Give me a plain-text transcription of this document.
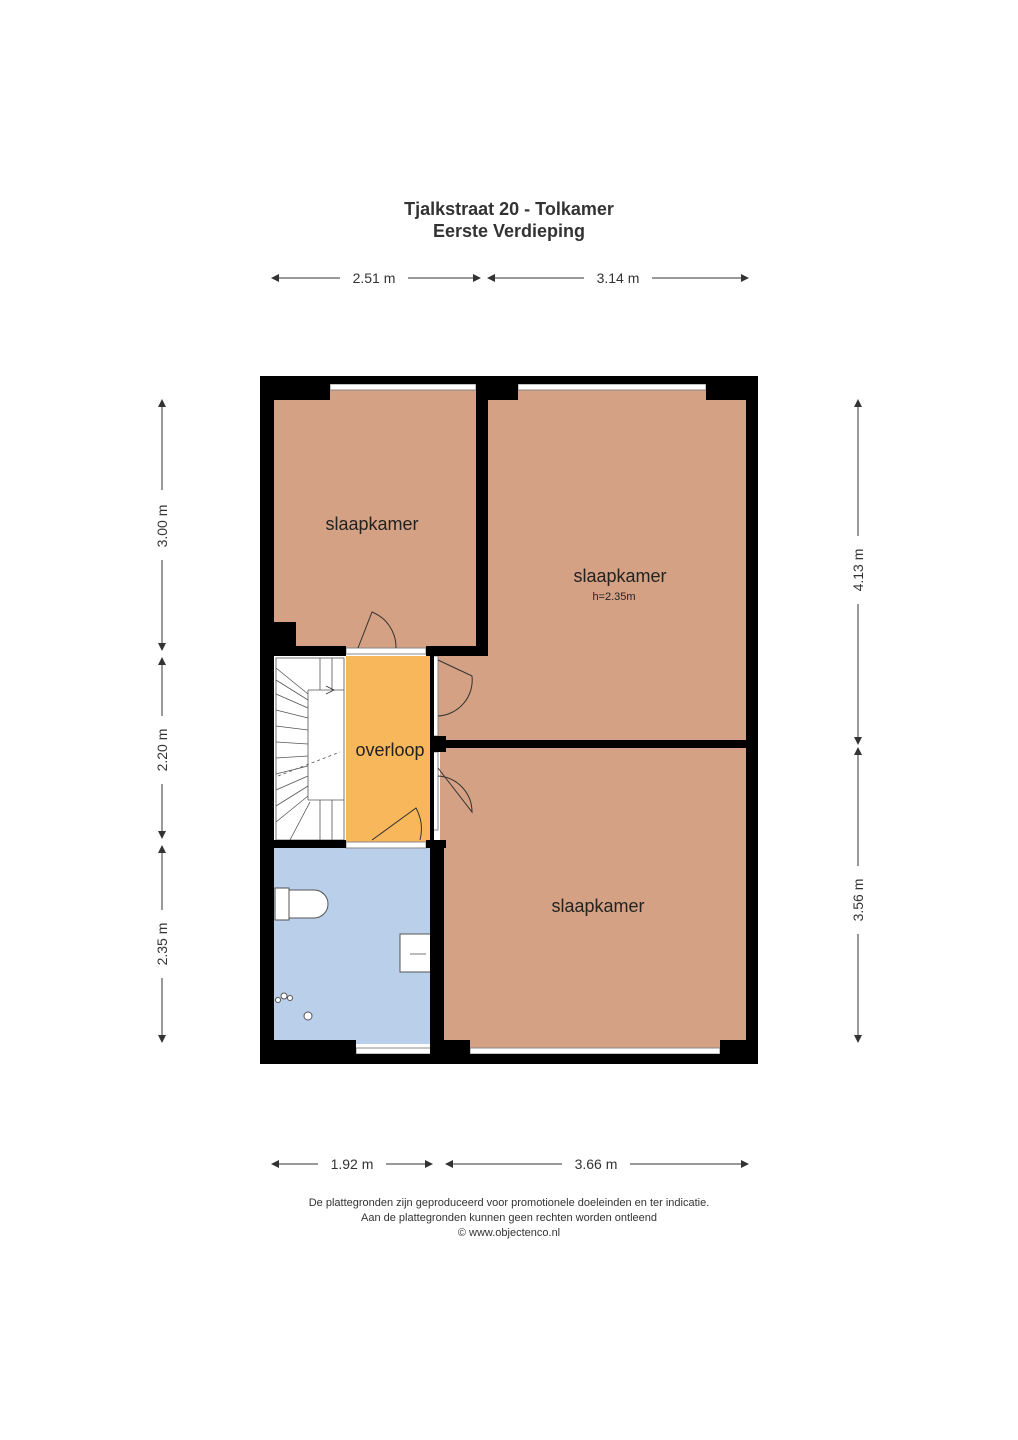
Tjalkstraat 20 - Tolkamer
Eerste Verdieping
slaapkamer
slaapkamer
h=2.35m
overloop
slaapkamer
2.51 m	3.14 m
1.92 m	3.66 m
3.00 m
2.20 m
2.35 m
4.13 m
3.56 m
De plattegronden zijn geproduceerd voor promotionele doeleinden en ter indicatie.
Aan de plattegronden kunnen geen rechten worden ontleend
© www.objectenco.nl
